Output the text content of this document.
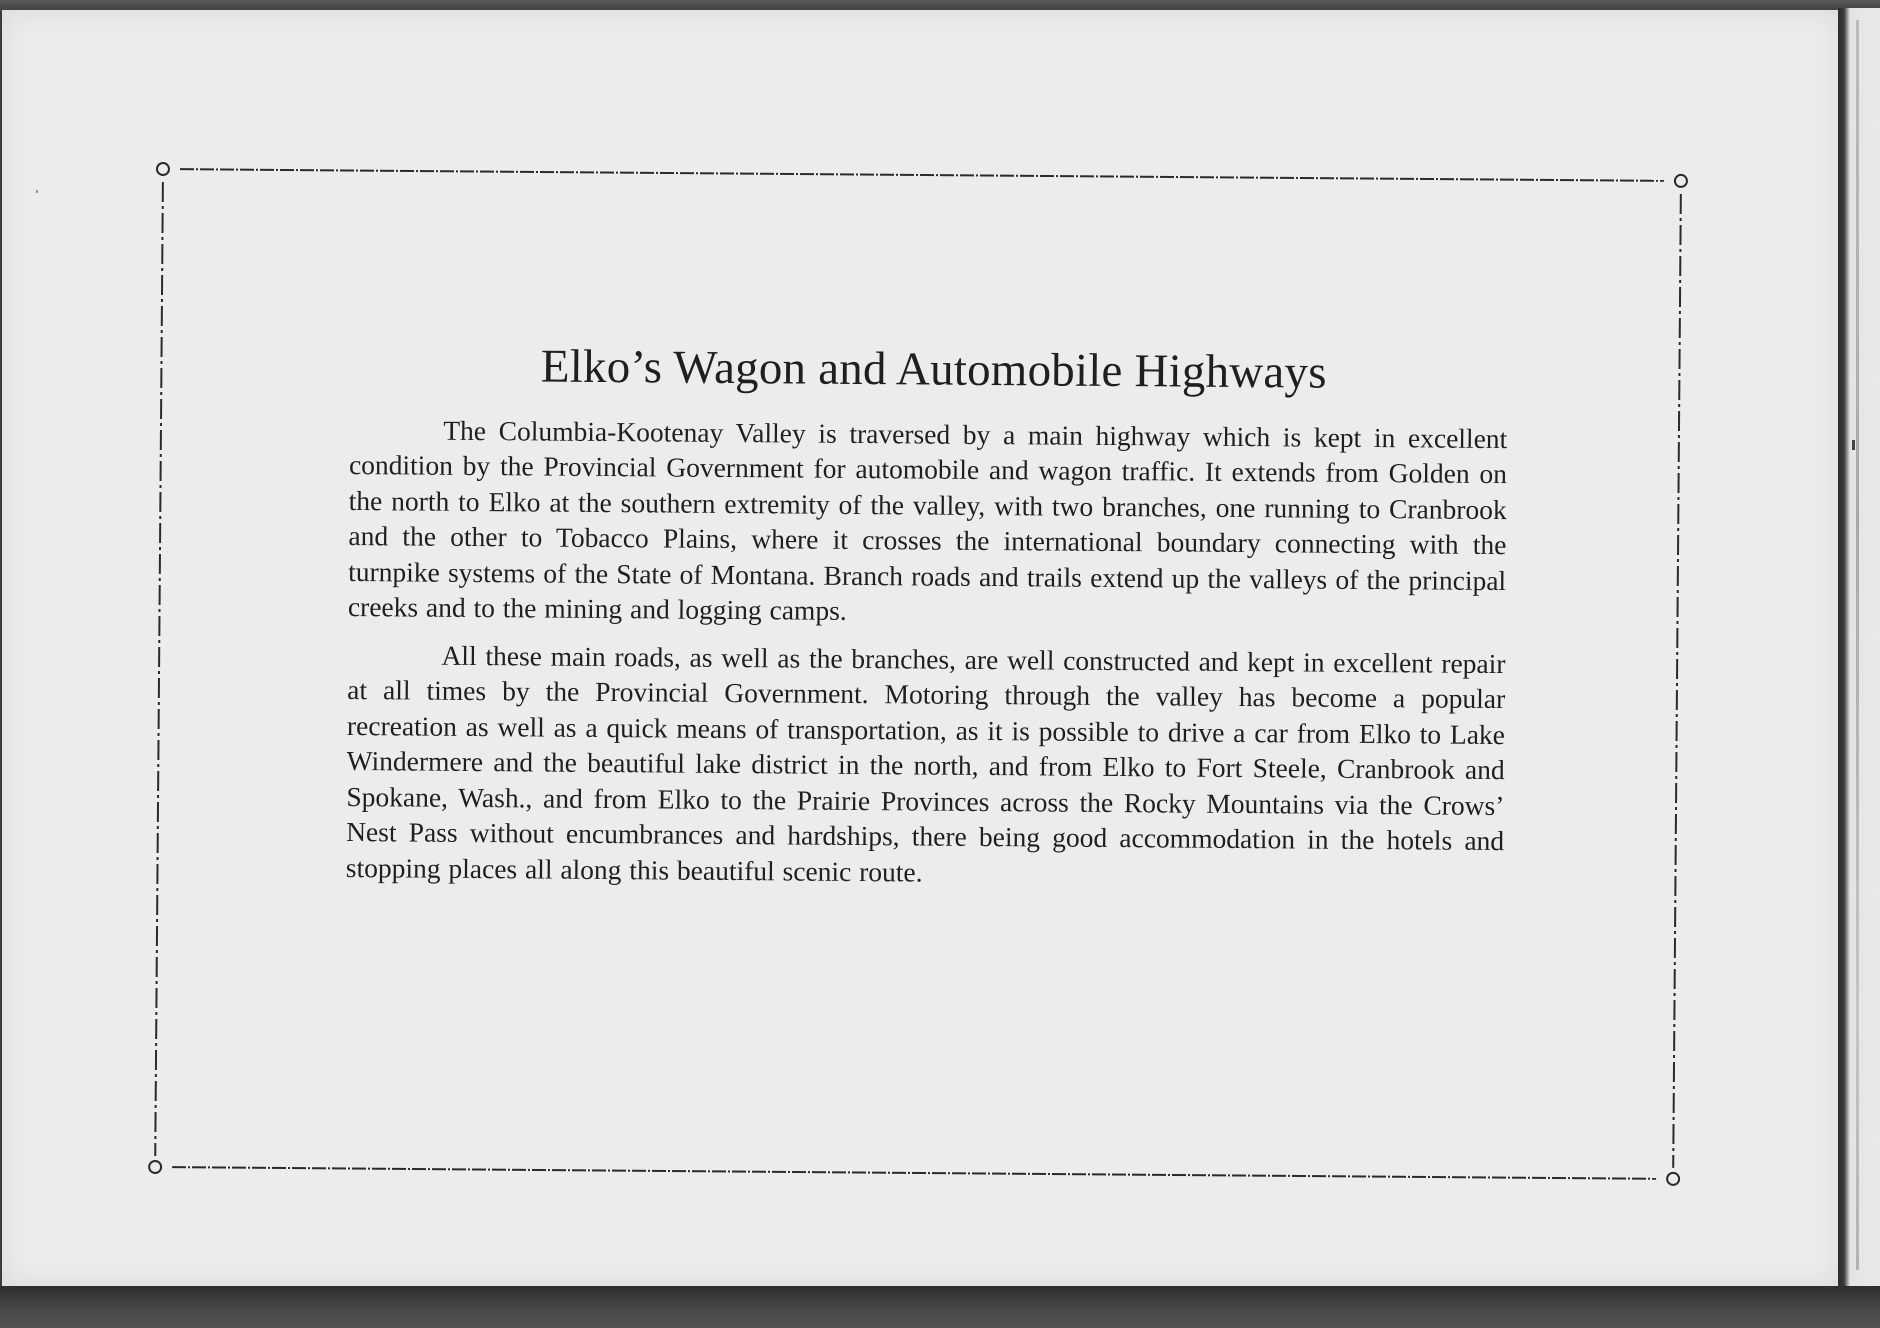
Elko’s Wagon and Automobile Highways

The Columbia-Kootenay Valley is traversed by a main highway which is kept in excellent condition by the Provincial Government for automobile and wagon traffic. It extends from Golden on the north to Elko at the southern extremity of the valley, with two branches, one running to Cranbrook and the other to Tobacco Plains, where it crosses the international boundary connecting with the turnpike systems of the State of Montana. Branch roads and trails extend up the valleys of the principal creeks and to the mining and logging camps.

All these main roads, as well as the branches, are well constructed and kept in excellent repair at all times by the Provincial Government. Motoring through the valley has become a popular recreation as well as a quick means of transportation, as it is possible to drive a car from Elko to Lake Windermere and the beautiful lake district in the north, and from Elko to Fort Steele, Cranbrook and Spokane, Wash., and from Elko to the Prairie Provinces across the Rocky Mountains via the Crows’ Nest Pass without encumbrances and hardships, there being good accommodation in the hotels and stopping places all along this beautiful scenic route.
